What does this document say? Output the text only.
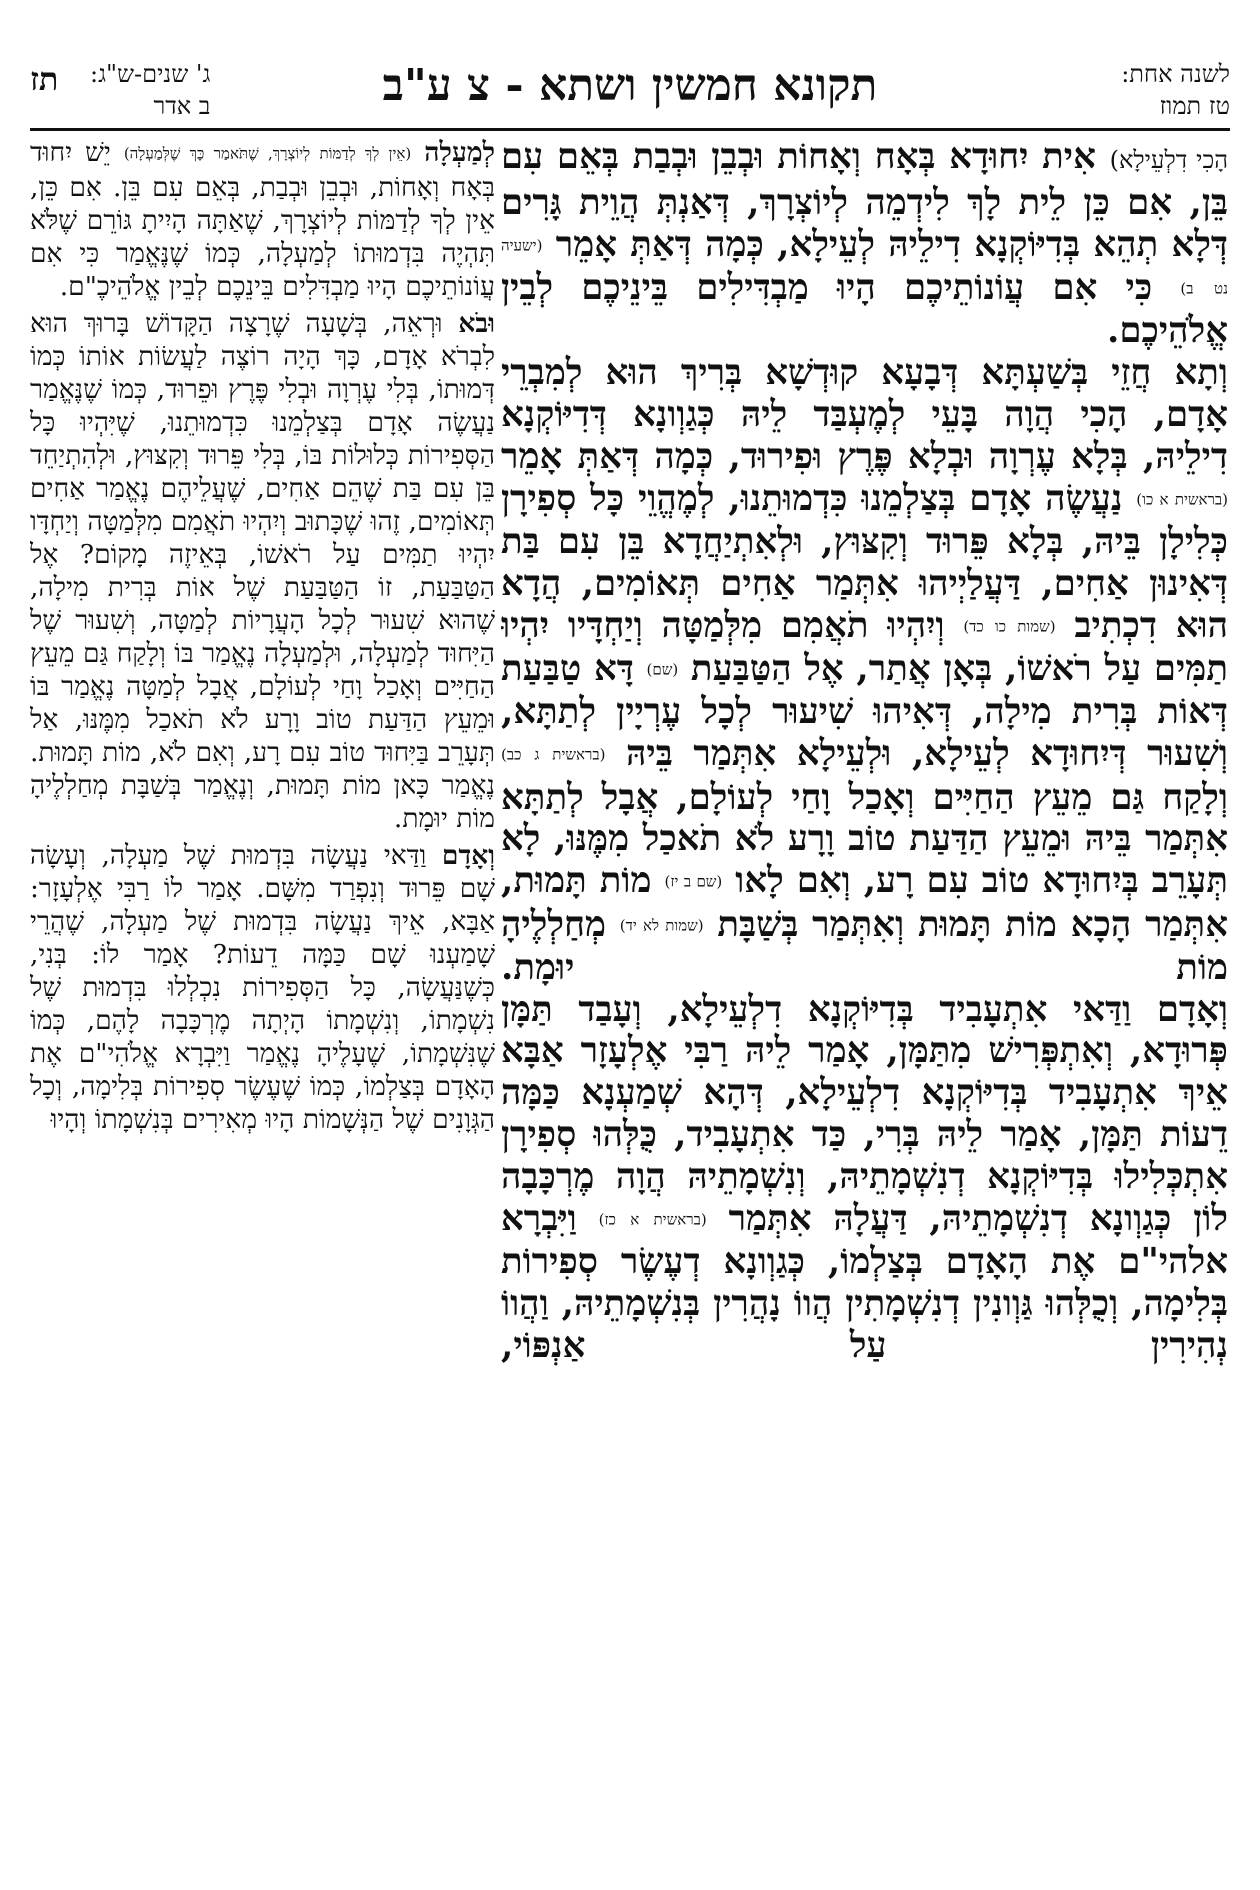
לשנה אחת:
טז תמוז
תקונא חמשין ושתא - צ ע"ב
ג' שנים-ש"ג:
ב אדר
תז

הָכִי דִלְעֵילָא) אִית יִחוּדָא בְּאָח וְאָחוֹת וּבְבֵן וּבְבַת בְּאֵם עִם בֵּן, אִם כֵּן לֵית לָךְ לִידְמֵה לְיוֹצְרָךְ, דְּאַנְתְּ הֲוֵית גָּרִים דְּלָא תְהֵא בְּדִיּוֹקְנָא דִילֵיהּ לְעֵילָא, כְּמָה דְּאַתְּ אָמֵר (ישעיה נט ב) כִּי אִם עֲוֹנוֹתֵיכֶם הָיוּ מַבְדִּילִים בֵּינֵיכֶם לְבֵין אֱלֹהֵיכֶם.

וְתָא חֲזֵי בְּשַׁעְתָּא דְּבָעָא קוּדְשָׁא בְּרִיךְ הוּא לְמִבְרֵי אָדָם, הָכִי הֲוָה בָּעֵי לְמֶעְבַּד לֵיהּ כְּגַוְונָא דְּדִיּוֹקְנָא דִילֵיהּ, בְּלָא עֶרְוָה וּבְלָא פֶּרֶץ וּפִירוּד, כְּמָה דְּאַתְּ אָמֵר (בראשית א כו) נַעֲשֶׂה אָדָם בְּצַלְמֵנוּ כִּדְמוּתֵנוּ, לְמֶהֱוֵי כָּל סְפִירָן כְּלִילָן בֵּיהּ, בְּלָא פֵּרוּד וְקִצּוּץ, וּלְאִתְיַחֲדָא בֵּן עִם בַּת דְּאִינוּן אַחִים, דַּעֲלַיְיהוּ אִתְּמַר אַחִים תְּאוֹמִים, הֲדָא הוּא דִכְתִיב (שמות כו כד) וְיִהְיוּ תֹאֲמִם מִלְּמַטָּה וְיַחְדָּיו יִהְיוּ תַמִּים עַל רֹאשׁוֹ, בְּאָן אֲתַר, אֶל הַטַּבַּעַת (שם) דָּא טַבַּעַת דְּאוֹת בְּרִית מִילָה, דְּאִיהוּ שִׁיעוּר לְכָל עֶרְיָין לְתַתָּא, וְשִׁעוּר דְּיִחוּדָא לְעֵילָא, וּלְעֵילָא אִתְּמַר בֵּיהּ (בראשית ג כב) וְלָקַח גַּם מֵעֵץ הַחַיִּים וְאָכַל וָחַי לְעוֹלָם, אֲבָל לְתַתָּא אִתְּמַר בֵּיהּ וּמֵעֵץ הַדַּעַת טוֹב וָרָע לֹא תֹאכַל מִמֶּנּוּ, לָא תְּעָרֵב בְּיִחוּדָא טוֹב עִם רָע, וְאִם לָאו (שם ב יז) מוֹת תָּמוּת, אִתְּמַר הָכָא מוֹת תָּמוּת וְאִתְּמַר בְּשַׁבָּת (שמות לא יד) מְחַלְלֶיהָ מוֹת יוּמָת.

וְאָדָם וַדַּאי אִתְעָבִיד בְּדִיּוֹקְנָא דִלְעֵילָא, וְעָבַד תַּמָּן פְּרוּדָא, וְאִתְפְּרִישׁ מִתַּמָּן, אָמַר לֵיהּ רַבִּי אֶלְעָזָר אַבָּא אֵיךְ אִתְעָבִיד בְּדִיּוֹקְנָא דִלְעֵילָא, דְּהָא שְׁמַעְנָא כַּמָּה דֵעוֹת תַּמָּן, אָמַר לֵיהּ בְּרִי, כַּד אִתְעָבִיד, כֻּלְּהוּ סְפִירָן אִתְכְּלִילוּ בְּדִיּוֹקְנָא דְנִשְׁמָתֵיהּ, וְנִשְׁמָתֵיהּ הֲוָה מֶרְכָּבָה לוֹן כְּגַוְונָא דְנִשְׁמָתֵיהּ, דַּעֲלָהּ אִתְּמַר (בראשית א כז) וַיִּבְרָא אלהי"ם אֶת הָאָדָם בְּצַלְמוֹ, כְּגַוְונָא דְעֶשֶׂר סְפִירוֹת בְּלִימָה, וְכֻלְּהוּ גַּוְונִין דְנִשְׁמָתִין הֲווֹ נָהֲרִין בְּנִשְׁמָתֵיהּ, וַהֲווֹ נְהִירִין עַל אַנְפּוֹי,

לְמַעְלָה (אֵין לְךָ לְדַמּוֹת לְיוֹצְרָךְ, שֶׁתֹּאמַר כָּךְ שֶׁלְּמַעְלָה) יֵשׁ יִחוּד בְּאָח וְאָחוֹת, וּבְבֵן וּבְבַת, בְּאֵם עִם בֵּן. אִם כֵּן, אֵין לְךָ לְדַמּוֹת לְיוֹצְרָךְ, שֶׁאַתָּה הָיִיתָ גּוֹרֵם שֶׁלֹּא תִּהְיֶה בִּדְמוּתוֹ לְמַעְלָה, כְּמוֹ שֶׁנֶּאֱמַר כִּי אִם עֲוֹנוֹתֵיכֶם הָיוּ מַבְדִּלִים בֵּינֵכֶם לְבֵין אֱלֹהֵיכֶ"ם.

וּבֹא וּרְאֵה, בְּשָׁעָה שֶׁרָצָה הַקָּדוֹשׁ בָּרוּךְ הוּא לִבְרֹא אָדָם, כָּךְ הָיָה רוֹצֶה לַעֲשׂוֹת אוֹתוֹ כְּמוֹ דְּמוּתוֹ, בְּלִי עֶרְוָה וּבְלִי פֶּרֶץ וּפֵרוּד, כְּמוֹ שֶׁנֶּאֱמַר נַעֲשֶׂה אָדָם בְּצַלְמֵנוּ כִּדְמוּתֵנוּ, שֶׁיִּהְיוּ כָּל הַסְּפִירוֹת כְּלוּלוֹת בּוֹ, בְּלִי פֵּרוּד וְקִצּוּץ, וּלְהִתְיַחֵד בֵּן עִם בַּת שֶׁהֵם אַחִים, שֶׁעֲלֵיהֶם נֶאֱמַר אַחִים תְּאוֹמִים, זֶהוּ שֶׁכָּתוּב וְיִהְיוּ תֹאֲמִם מִלְּמַטָּה וְיַחְדָּו יִהְיוּ תַמִּים עַל רֹאשׁוֹ, בְּאֵיזֶה מָקוֹם? אֶל הַטַּבַּעַת, זוֹ הַטַּבַּעַת שֶׁל אוֹת בְּרִית מִילָה, שֶׁהוּא שִׁעוּר לְכָל הָעֲרָיוֹת לְמַטָּה, וְשִׁעוּר שֶׁל הַיִּחוּד לְמַעְלָה, וּלְמַעְלָה נֶאֱמַר בּוֹ וְלָקַח גַּם מֵעֵץ הַחַיִּים וְאָכַל וָחַי לְעוֹלָם, אֲבָל לְמַטָּה נֶאֱמַר בּוֹ וּמֵעֵץ הַדַּעַת טוֹב וָרָע לֹא תֹאכַל מִמֶּנּוּ, אַל תְּעָרֵב בַּיִּחוּד טוֹב עִם רָע, וְאִם לֹא, מוֹת תָּמוּת. נֶאֱמַר כָּאן מוֹת תָּמוּת, וְנֶאֱמַר בְּשַׁבָּת מְחַלְלֶיהָ מוֹת יוּמָת.

וְאָדָם וַדַּאי נַעֲשָׂה בִּדְמוּת שֶׁל מַעְלָה, וְעָשָׂה שָׁם פֵּרוּד וְנִפְרַד מִשָּׁם. אָמַר לוֹ רַבִּי אֶלְעָזָר: אַבָּא, אֵיךְ נַעֲשָׂה בִּדְמוּת שֶׁל מַעְלָה, שֶׁהֲרֵי שָׁמַעְנוּ שָׁם כַּמָּה דֵעוֹת? אָמַר לוֹ: בְּנִי, כְּשֶׁנַּעֲשָׂה, כָּל הַסְּפִירוֹת נִכְלְלוּ בִּדְמוּת שֶׁל נִשְׁמָתוֹ, וְנִשְׁמָתוֹ הָיְתָה מֶרְכָּבָה לָהֶם, כְּמוֹ שֶׁנִּשְׁמָתוֹ, שֶׁעָלֶיהָ נֶאֱמַר וַיִּבְרָא אֱלֹהִי"ם אֶת הָאָדָם בְּצַלְמוֹ, כְּמוֹ שֶׁעֶשֶׂר סְפִירוֹת בְּלִימָה, וְכָל הַגְּוָנִים שֶׁל הַנְּשָׁמוֹת הָיוּ מְאִירִים בְּנִשְׁמָתוֹ וְהָיוּ
